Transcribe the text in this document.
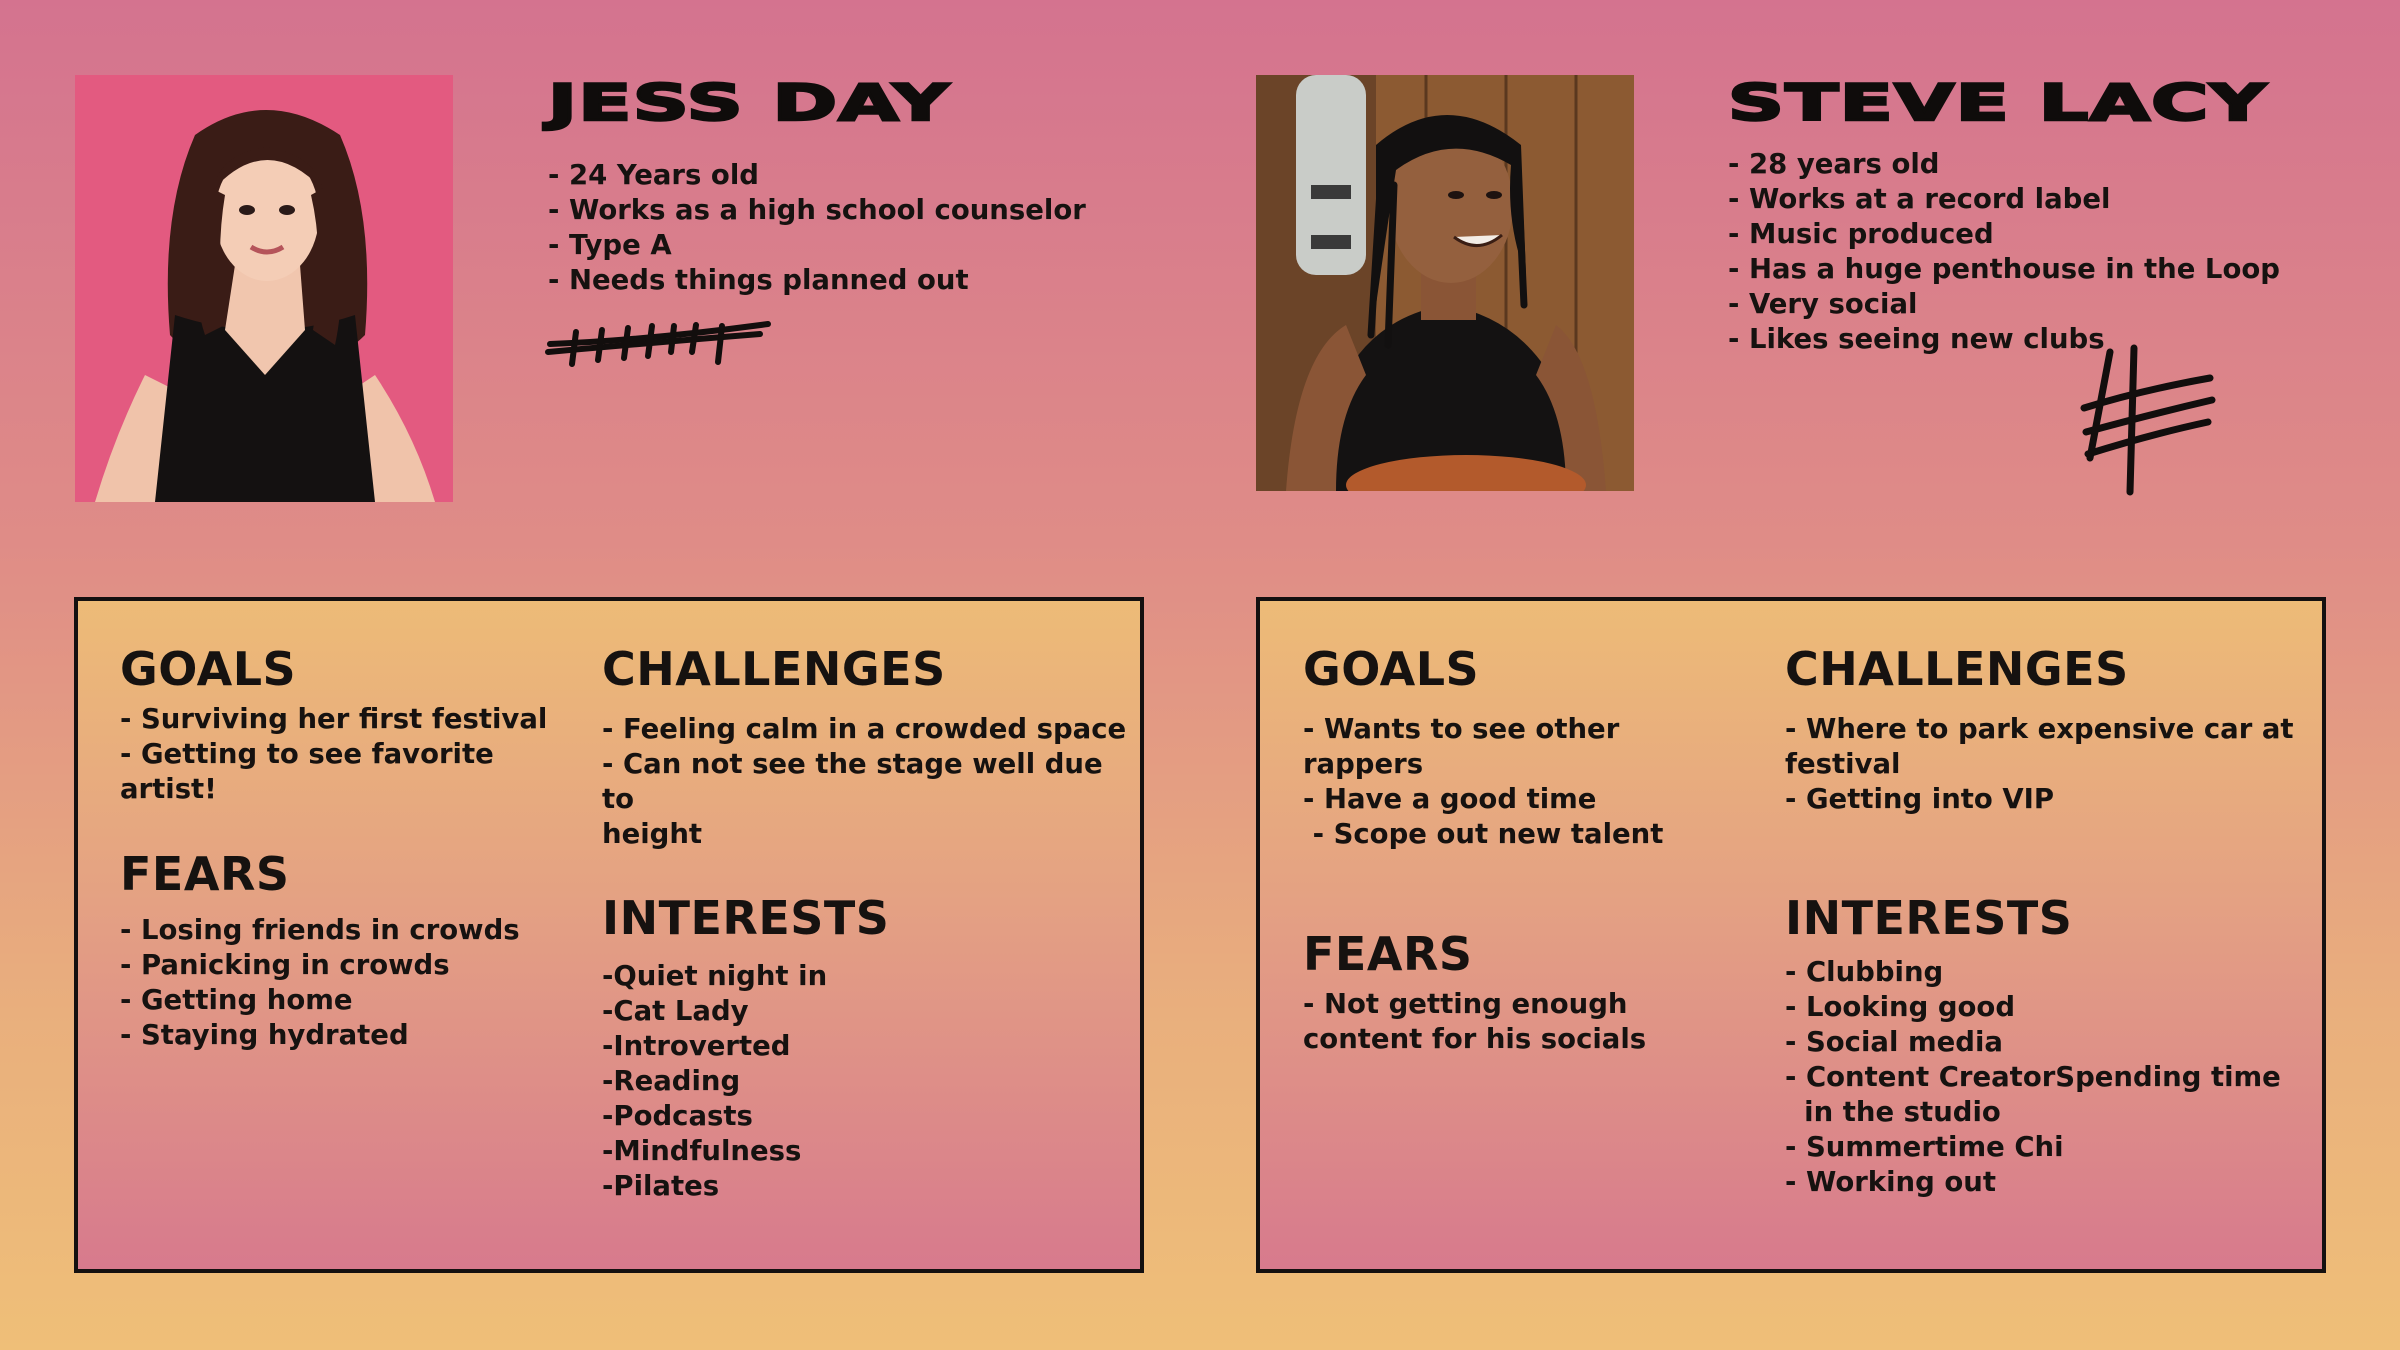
JESS DAY
- 24 Years old
- Works as a high school counselor
- Type A
- Needs things planned out
GOALS
- Surviving her first festival
- Getting to see favorite artist!
CHALLENGES
- Feeling calm in a crowded space
- Can not see the stage well due to
height
FEARS
- Losing friends in crowds
- Panicking in crowds
- Getting home
- Staying hydrated
INTERESTS
-Quiet night in
-Cat Lady
-Introverted
-Reading
-Podcasts
-Mindfulness
-Pilates
STEVE LACY
- 28 years old
- Works at a record label
- Music produced
- Has a huge penthouse in the Loop
- Very social
- Likes seeing new clubs
GOALS
- Wants to see other
rappers
- Have a good time
- Scope out new talent
CHALLENGES
- Where to park expensive car at
festival
- Getting into VIP
FEARS
- Not getting enough
content for his socials
INTERESTS
- Clubbing
- Looking good
- Social media
- Content CreatorSpending time
in the studio
- Summertime Chi
- Working out
